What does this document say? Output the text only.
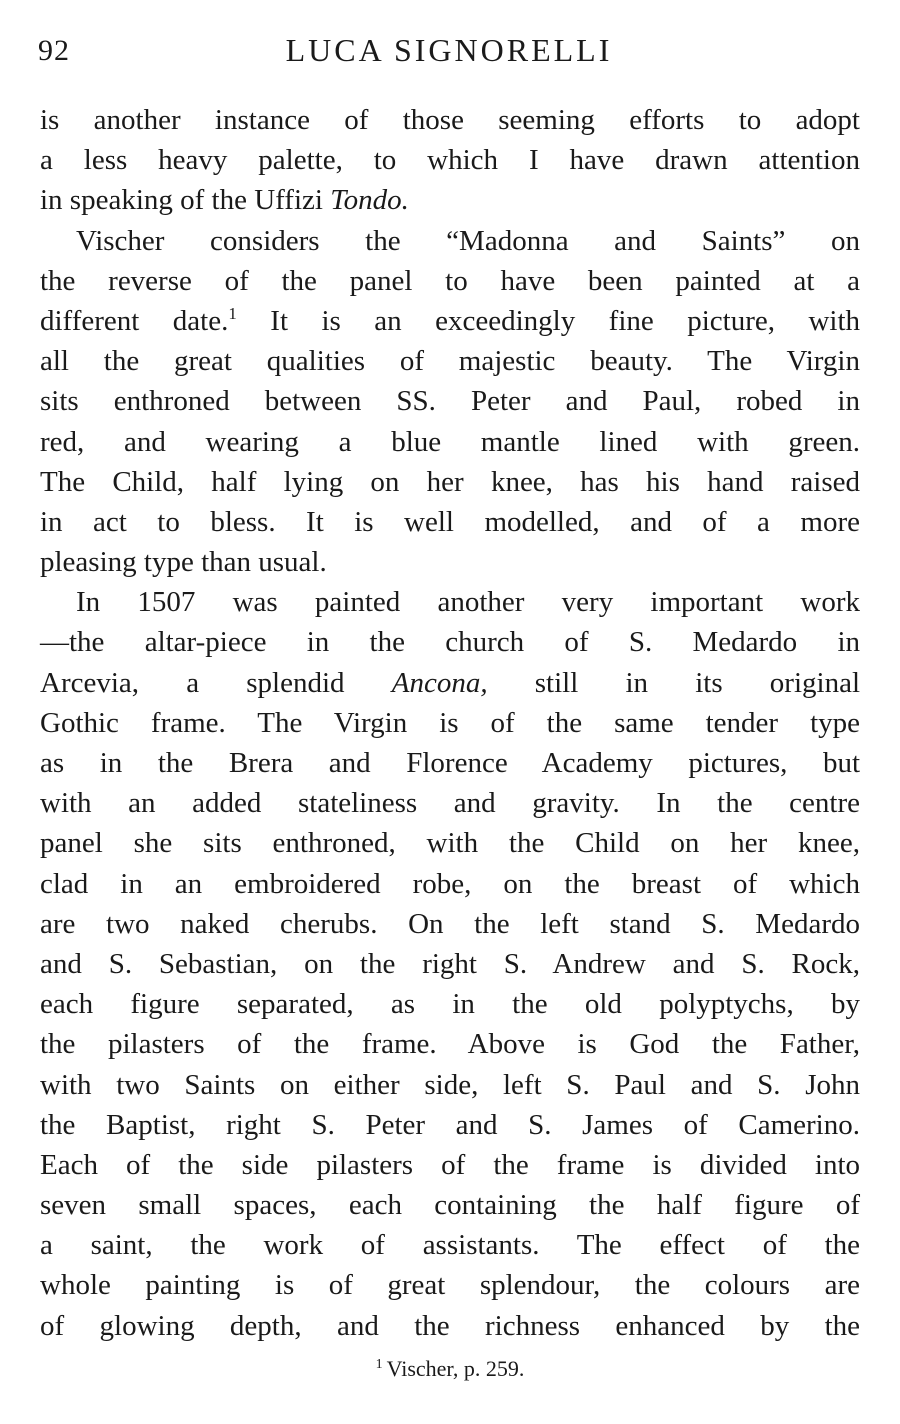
92	LUCA SIGNORELLI
is another instance of those seeming efforts to adopt
a less heavy palette, to which I have drawn attention
in speaking of the Uffizi Tondo.
Vischer considers the “Madonna and Saints” on
the reverse of the panel to have been painted at a
different date.$^1$ It is an exceedingly fine picture, with
all the great qualities of majestic beauty. The Virgin
sits enthroned between SS. Peter and Paul, robed in
red, and wearing a blue mantle lined with green.
The Child, half lying on her knee, has his hand raised
in act to bless. It is well modelled, and of a more
pleasing type than usual.
In 1507 was painted another very important work
—the altar-piece in the church of S. Medardo in
Arcevia, a splendid Ancona, still in its original
Gothic frame. The Virgin is of the same tender type
as in the Brera and Florence Academy pictures, but
with an added stateliness and gravity. In the centre
panel she sits enthroned, with the Child on her knee,
clad in an embroidered robe, on the breast of which
are two naked cherubs. On the left stand S. Medardo
and S. Sebastian, on the right S. Andrew and S. Rock,
each figure separated, as in the old polyptychs, by
the pilasters of the frame. Above is God the Father,
with two Saints on either side, left S. Paul and S. John
the Baptist, right S. Peter and S. James of Camerino.
Each of the side pilasters of the frame is divided into
seven small spaces, each containing the half figure of
a saint, the work of assistants. The effect of the
whole painting is of great splendour, the colours are
of glowing depth, and the richness enhanced by the
$^1$ Vischer, p. 259.
